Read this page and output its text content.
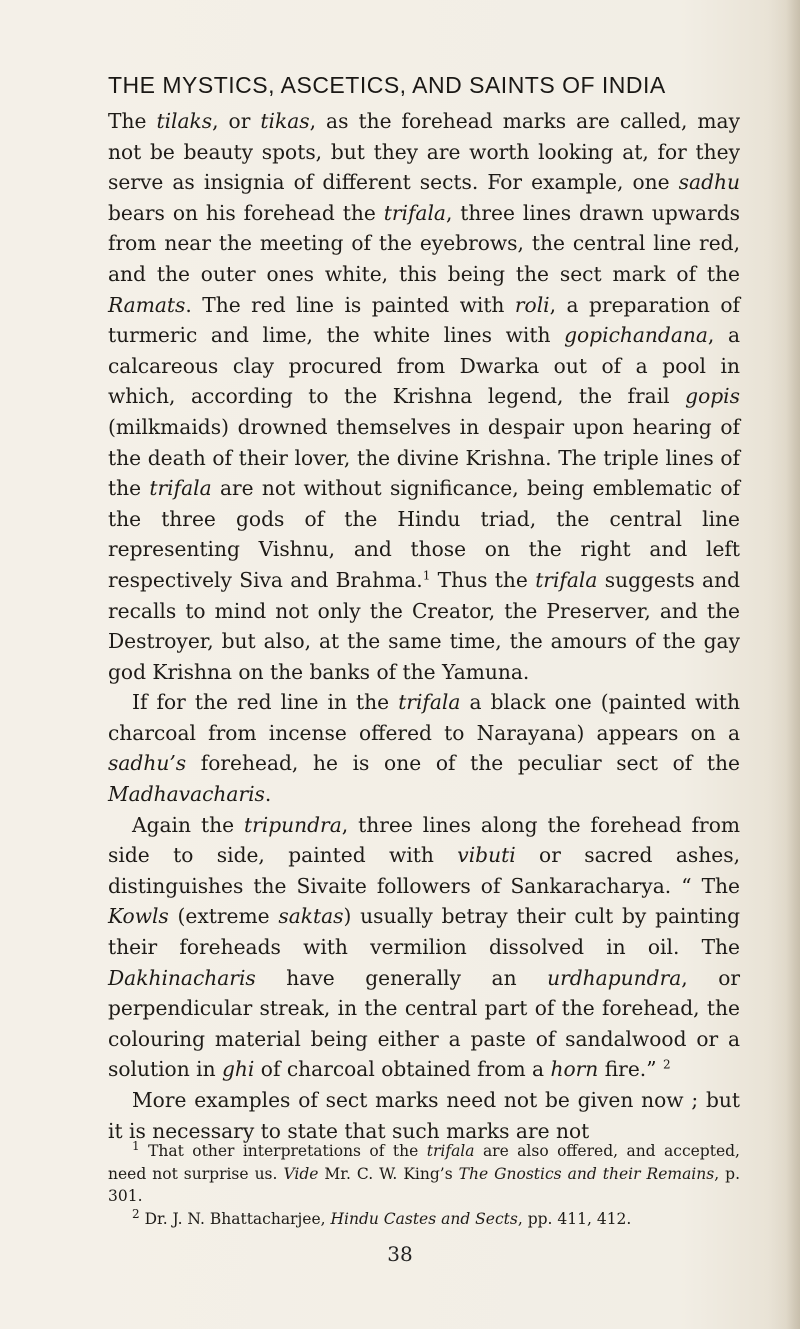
THE MYSTICS, ASCETICS, AND SAINTS OF INDIA

The tilaks, or tikas, as the forehead marks are called, may not be beauty spots, but they are worth looking at, for they serve as insignia of different sects. For example, one sadhu bears on his forehead the trifala, three lines drawn upwards from near the meeting of the eyebrows, the central line red, and the outer ones white, this being the sect mark of the Ramats. The red line is painted with roli, a preparation of turmeric and lime, the white lines with gopichandana, a calcareous clay procured from Dwarka out of a pool in which, according to the Krishna legend, the frail gopis (milkmaids) drowned themselves in despair upon hearing of the death of their lover, the divine Krishna. The triple lines of the trifala are not without significance, being emblematic of the three gods of the Hindu triad, the central line representing Vishnu, and those on the right and left respectively Siva and Brahma.$^1$ Thus the trifala suggests and recalls to mind not only the Creator, the Preserver, and the Destroyer, but also, at the same time, the amours of the gay god Krishna on the banks of the Yamuna.

If for the red line in the trifala a black one (painted with charcoal from incense offered to Narayana) appears on a sadhu’s forehead, he is one of the peculiar sect of the Madhavacharis.

Again the tripundra, three lines along the forehead from side to side, painted with vibuti or sacred ashes, distinguishes the Sivaite followers of Sankaracharya. “ The Kowls (extreme saktas) usually betray their cult by painting their foreheads with vermilion dissolved in oil. The Dakhinacharis have generally an urdhapundra, or perpendicular streak, in the central part of the forehead, the colouring material being either a paste of sandalwood or a solution in ghi of charcoal obtained from a horn fire.” $^2$

More examples of sect marks need not be given now ; but it is necessary to state that such marks are not

$^1$ That other interpretations of the trifala are also offered, and accepted, need not surprise us. Vide Mr. C. W. King’s The Gnostics and their Remains, p. 301.

$^2$ Dr. J. N. Bhattacharjee, Hindu Castes and Sects, pp. 411, 412.

38
